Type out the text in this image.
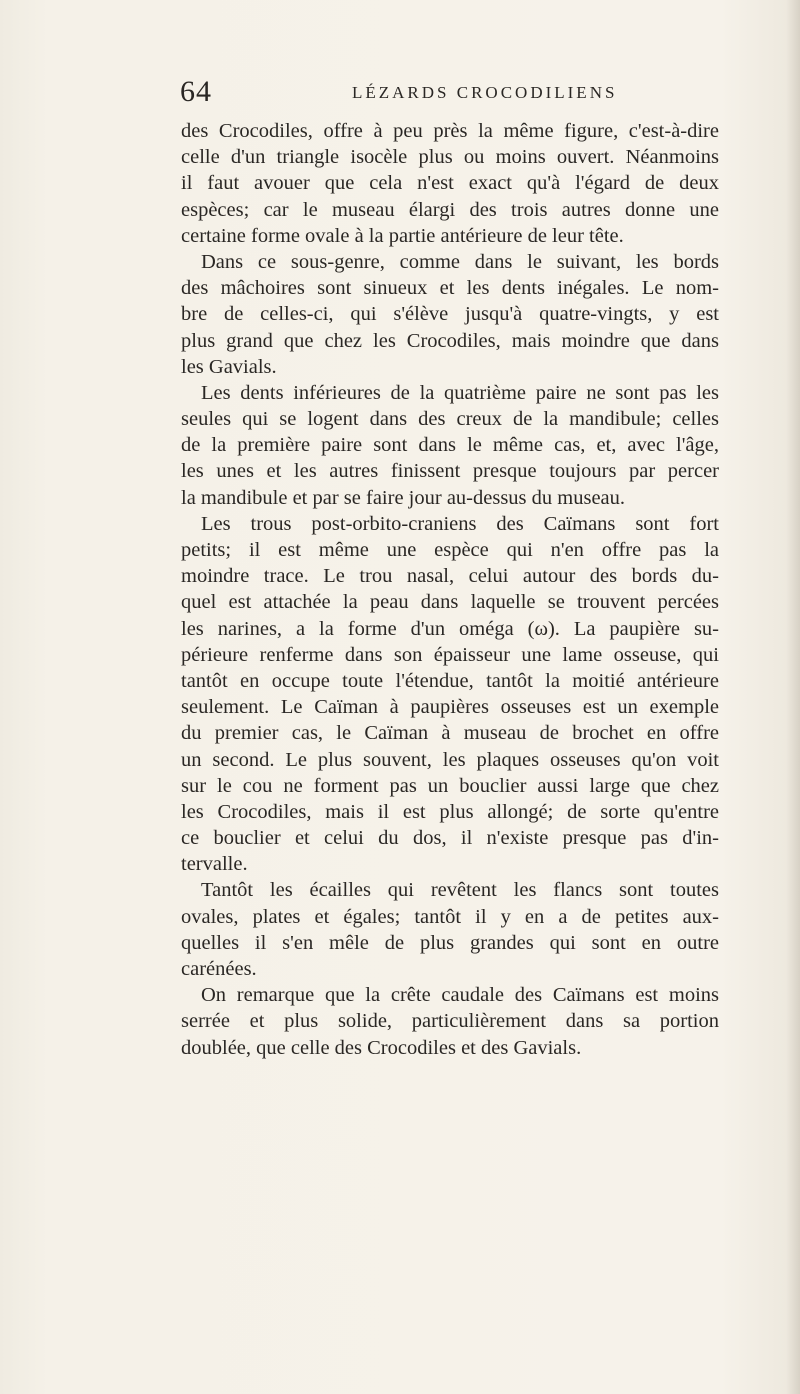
64	LÉZARDS CROCODILIENS
des Crocodiles, offre à peu près la même figure, c'est-à-dire
celle d'un triangle isocèle plus ou moins ouvert. Néanmoins
il faut avouer que cela n'est exact qu'à l'égard de deux
espèces; car le museau élargi des trois autres donne une
certaine forme ovale à la partie antérieure de leur tête.
Dans ce sous-genre, comme dans le suivant, les bords
des mâchoires sont sinueux et les dents inégales. Le nom-
bre de celles-ci, qui s'élève jusqu'à quatre-vingts, y est
plus grand que chez les Crocodiles, mais moindre que dans
les Gavials.
Les dents inférieures de la quatrième paire ne sont pas les
seules qui se logent dans des creux de la mandibule; celles
de la première paire sont dans le même cas, et, avec l'âge,
les unes et les autres finissent presque toujours par percer
la mandibule et par se faire jour au-dessus du museau.
Les trous post-orbito-craniens des Caïmans sont fort
petits; il est même une espèce qui n'en offre pas la
moindre trace. Le trou nasal, celui autour des bords du-
quel est attachée la peau dans laquelle se trouvent percées
les narines, a la forme d'un oméga (ω). La paupière su-
périeure renferme dans son épaisseur une lame osseuse, qui
tantôt en occupe toute l'étendue, tantôt la moitié antérieure
seulement. Le Caïman à paupières osseuses est un exemple
du premier cas, le Caïman à museau de brochet en offre
un second. Le plus souvent, les plaques osseuses qu'on voit
sur le cou ne forment pas un bouclier aussi large que chez
les Crocodiles, mais il est plus allongé; de sorte qu'entre
ce bouclier et celui du dos, il n'existe presque pas d'in-
tervalle.
Tantôt les écailles qui revêtent les flancs sont toutes
ovales, plates et égales; tantôt il y en a de petites aux-
quelles il s'en mêle de plus grandes qui sont en outre
carénées.
On remarque que la crête caudale des Caïmans est moins
serrée et plus solide, particulièrement dans sa portion
doublée, que celle des Crocodiles et des Gavials.
